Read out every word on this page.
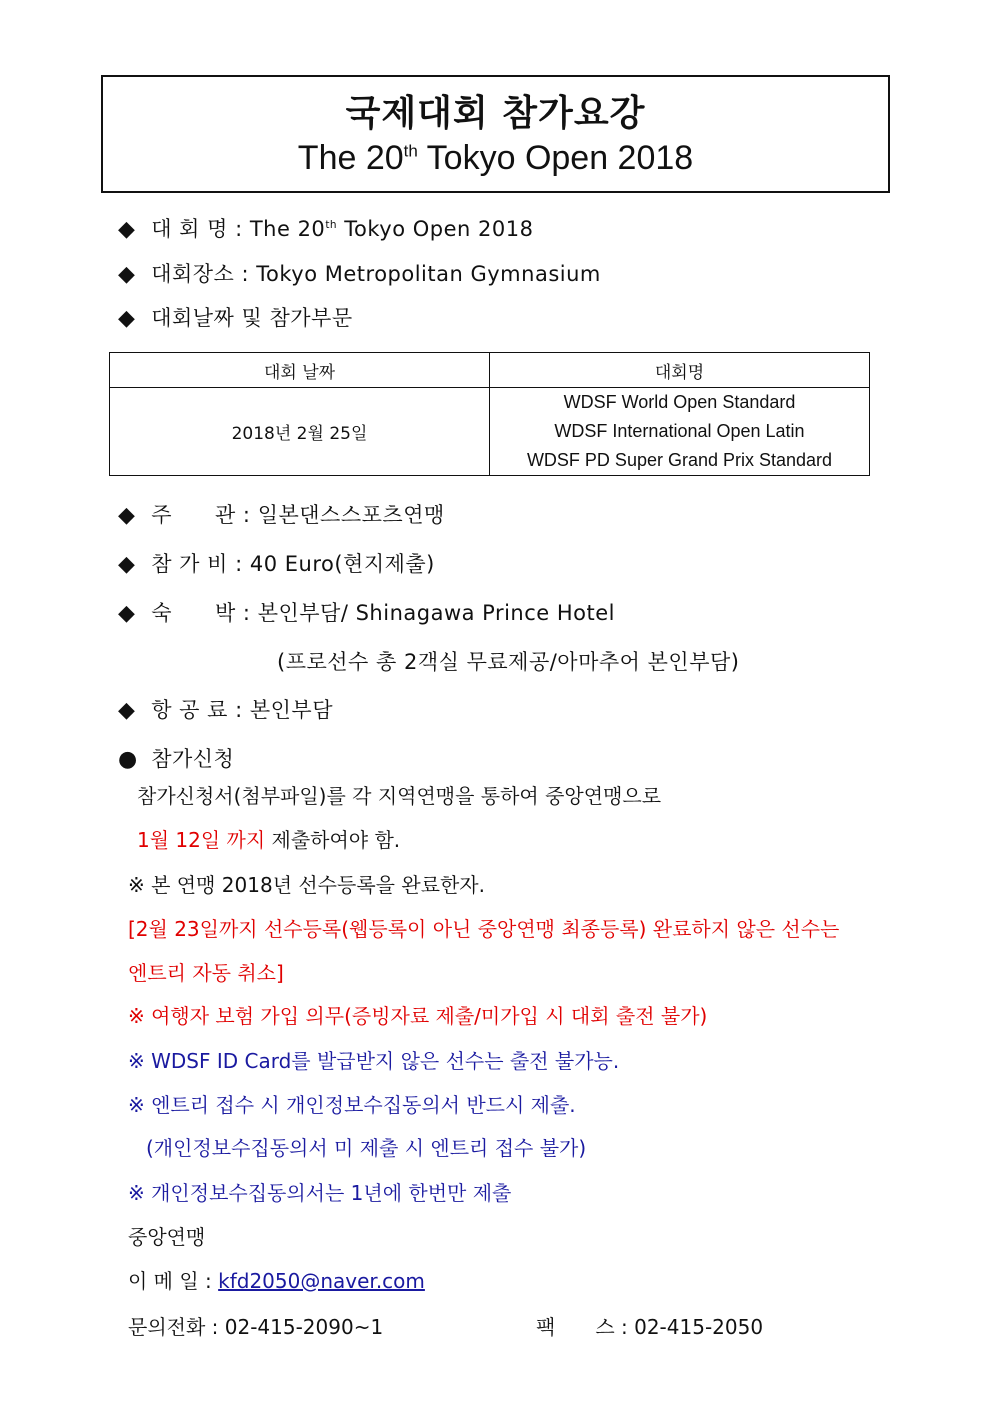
국제대회 참가요강
The 20th Tokyo Open 2018
◆ 대 회 명 : The 20th Tokyo Open 2018
◆ 대회장소 : Tokyo Metropolitan Gymnasium
◆ 대회날짜 및 참가부문
대회 날짜	대회명
2018년 2월 25일	WDSF World Open Standard
WDSF International Open Latin
WDSF PD Super Grand Prix Standard
◆ 주　　관 : 일본댄스스포츠연맹
◆ 참 가 비 : 40 Euro(현지제출)
◆ 숙　　박 : 본인부담/ Shinagawa Prince Hotel
(프로선수 총 2객실 무료제공/아마추어 본인부담)
◆ 항 공 료 : 본인부담
● 참가신청
참가신청서(첨부파일)를 각 지역연맹을 통하여 중앙연맹으로
1월 12일 까지 제출하여야 함.
※ 본 연맹 2018년 선수등록을 완료한자.
[2월 23일까지 선수등록(웹등록이 아닌 중앙연맹 최종등록) 완료하지 않은 선수는
엔트리 자동 취소]
※ 여행자 보험 가입 의무(증빙자료 제출/미가입 시 대회 출전 불가)
※ WDSF ID Card를 발급받지 않은 선수는 출전 불가능.
※ 엔트리 접수 시 개인정보수집동의서 반드시 제출.
(개인정보수집동의서 미 제출 시 엔트리 접수 불가)
※ 개인정보수집동의서는 1년에 한번만 제출
중앙연맹
이 메 일 : kfd2050@naver.com
문의전화 : 02-415-2090~1	팩　　스 : 02-415-2050
